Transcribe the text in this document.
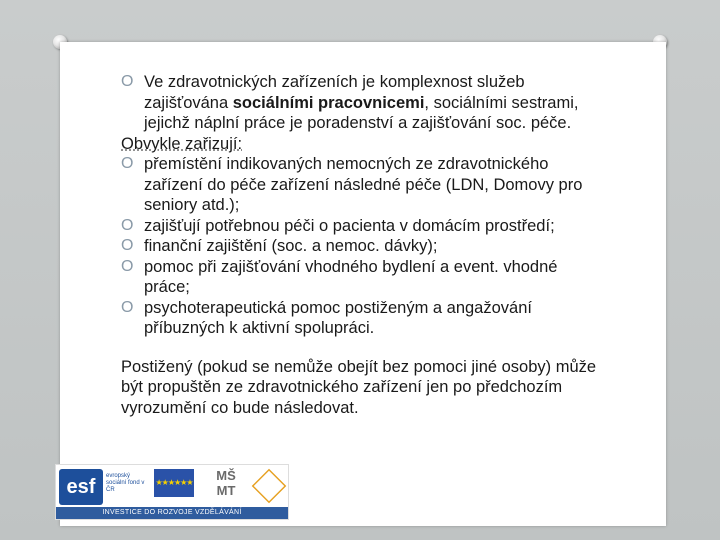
O Ve zdravotnických zařízeních je komplexnost služeb zajišťována sociálními pracovnicemi, sociálními sestrami, jejichž náplní práce je poradenství a zajišťování soc. péče.
Obvykle zařizují:
O přemístění indikovaných nemocných ze zdravotnického zařízení do péče zařízení následné péče (LDN, Domovy pro seniory atd.);
O zajišťují potřebnou péči o pacienta v domácím prostředí;
O finanční zajištění (soc. a nemoc. dávky);
O pomoc při zajišťování vhodného bydlení a event. vhodné práce;
O psychoterapeutická pomoc postiženým a angažování příbuzných k aktivní spolupráci.
Postižený (pokud se nemůže obejít bez pomoci jiné osoby) může být propuštěn ze zdravotnického zařízení jen po předchozím vyrozumění co bude následovat.
esf	evropský sociální fond v ČR
★★★★★★	MŠ MT
INVESTICE DO ROZVOJE VZDĚLÁVÁNÍ
